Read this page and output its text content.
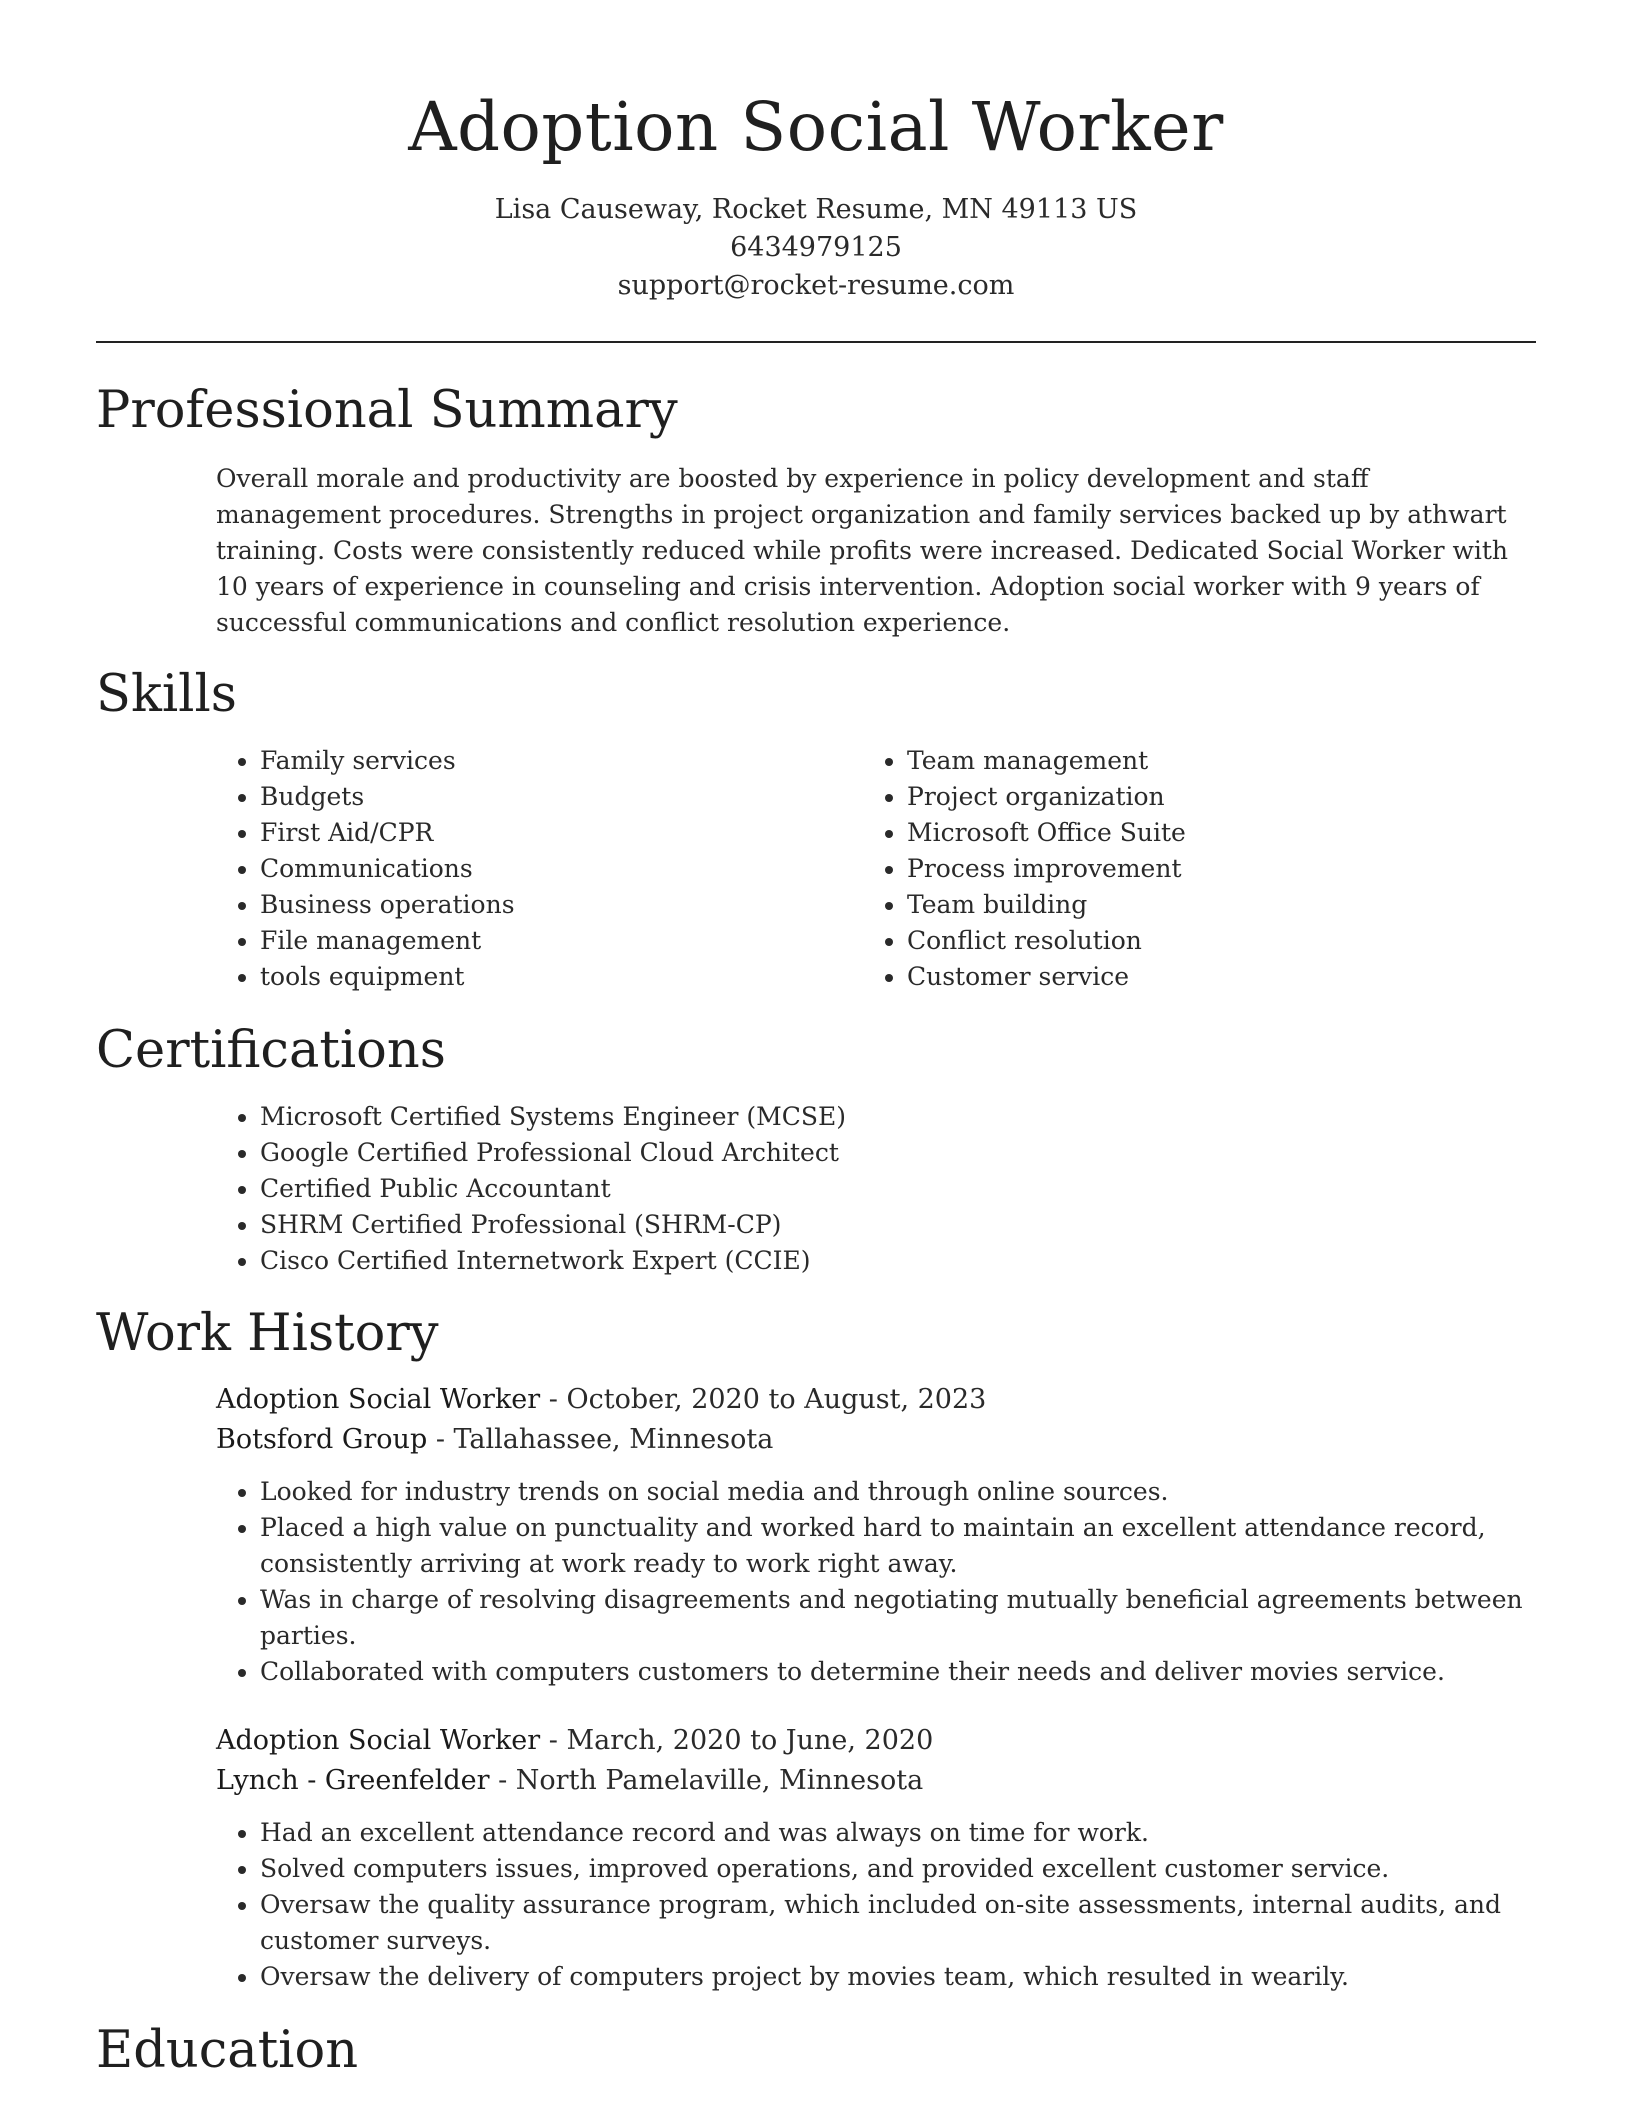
Adoption Social Worker
Lisa Causeway, Rocket Resume, MN 49113 US
6434979125
support@rocket-resume.com
Professional Summary

Overall morale and productivity are boosted by experience in policy development and staff management procedures. Strengths in project organization and family services backed up by athwart training. Costs were consistently reduced while profits were increased. Dedicated Social Worker with 10 years of experience in counseling and crisis intervention. Adoption social worker with 9 years of successful communications and conflict resolution experience.

Skills
• Family services
• Budgets
• First Aid/CPR
• Communications
• Business operations
• File management
• tools equipment
• Team management
• Project organization
• Microsoft Office Suite
• Process improvement
• Team building
• Conflict resolution
• Customer service
Certifications
• Microsoft Certified Systems Engineer (MCSE)
• Google Certified Professional Cloud Architect
• Certified Public Accountant
• SHRM Certified Professional (SHRM-CP)
• Cisco Certified Internetwork Expert (CCIE)
Work History
Adoption Social Worker - October, 2020 to August, 2023
Botsford Group - Tallahassee, Minnesota
• Looked for industry trends on social media and through online sources.
• Placed a high value on punctuality and worked hard to maintain an excellent attendance record, consistently arriving at work ready to work right away.
• Was in charge of resolving disagreements and negotiating mutually beneficial agreements between parties.
• Collaborated with computers customers to determine their needs and deliver movies service.
Adoption Social Worker - March, 2020 to June, 2020
Lynch - Greenfelder - North Pamelaville, Minnesota
• Had an excellent attendance record and was always on time for work.
• Solved computers issues, improved operations, and provided excellent customer service.
• Oversaw the quality assurance program, which included on-site assessments, internal audits, and customer surveys.
• Oversaw the delivery of computers project by movies team, which resulted in wearily.
Education
